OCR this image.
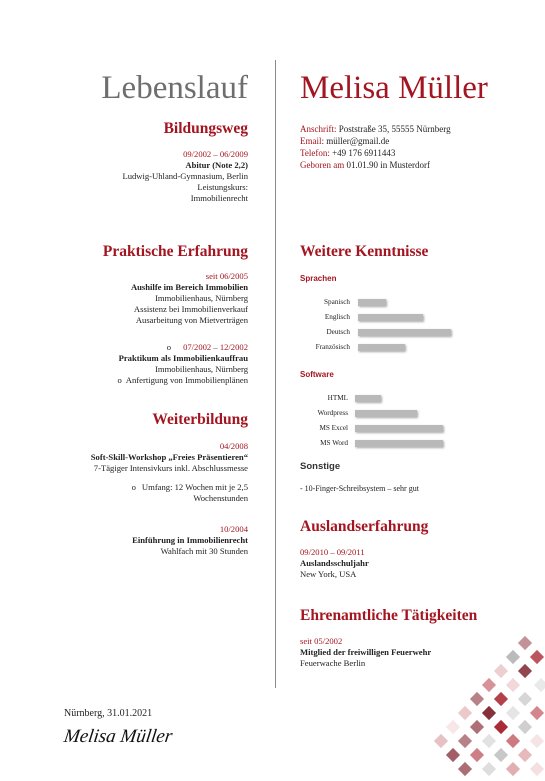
Lebenslauf
Bildungsweg
09/2002 – 06/2009
Abitur (Note 2,2)
Ludwig-Uhland-Gymnasium, Berlin
Leistungskurs:
Immobilienrecht
Praktische Erfahrung
seit 06/2005
Aushilfe im Bereich Immobilien
Immobilienhaus, Nürnberg
Assistenz bei Immobilienverkauf
Ausarbeitung von Mietverträgen
o 07/2002 – 12/2002
Praktikum als Immobilienkauffrau
Immobilienhaus, Nürnberg
o Anfertigung von Immobilienplänen
Weiterbildung
04/2008
Soft-Skill-Workshop „Freies Präsentieren“
7-Tägiger Intensivkurs inkl. Abschlussmesse
o Umfang: 12 Wochen mit je 2,5
Wochenstunden
10/2004
Einführung in Immobilienrecht
Wahlfach mit 30 Stunden
Melisa Müller
Anschrift: Poststraße 35, 55555 Nürnberg
Email: müller@gmail.de
Telefon: +49 176 6911443
Geboren am 01.01.90 in Musterdorf
Weitere Kenntnisse
Sprachen
Spanisch
Englisch
Deutsch
Französisch
Software
HTML
Wordpress
MS Excel
MS Word
Sonstige
- 10-Finger-Schreibsystem – sehr gut
Auslandserfahrung
09/2010 – 09/2011
Auslandsschuljahr
New York, USA
Ehrenamtliche Tätigkeiten
seit 05/2002
Mitglied der freiwilligen Feuerwehr
Feuerwache Berlin
Nürnberg, 31.01.2021
Melisa Müller
